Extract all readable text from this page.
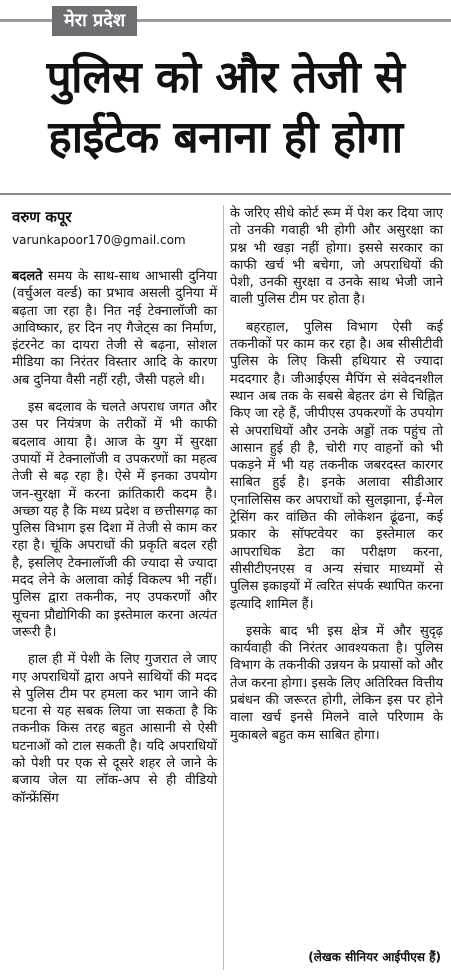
मेरा प्रदेश
पुलिस को और तेजी से
हाईटेक बनाना ही होगा
वरुण कपूर
varunkapoor170@gmail.com

बदलते समय के साथ-साथ आभासी दुनिया (वर्चुअल वर्ल्ड) का प्रभाव असली दुनिया में बढ़ता जा रहा है। नित नई टेक्नालॉजी का आविष्कार, हर दिन नए गैजेट्स का निर्माण, इंटरनेट का दायरा तेजी से बढ़ना, सोशल मीडिया का निरंतर विस्तार आदि के कारण अब दुनिया वैसी नहीं रही, जैसी पहले थी।

इस बदलाव के चलते अपराध जगत और उस पर नियंत्रण के तरीकों में भी काफी बदलाव आया है। आज के युग में सुरक्षा उपायों में टेक्नालॉजी व उपकरणों का महत्व तेजी से बढ़ रहा है। ऐसे में इनका उपयोग जन-सुरक्षा में करना क्रांतिकारी कदम है। अच्छा यह है कि मध्य प्रदेश व छत्तीसगढ़ का पुलिस विभाग इस दिशा में तेजी से काम कर रहा है। चूंकि अपराधों की प्रकृति बदल रही है, इसलिए टेक्नालॉजी की ज्यादा से ज्यादा मदद लेने के अलावा कोई विकल्प भी नहीं। पुलिस द्वारा तकनीक, नए उपकरणों और सूचना प्रौद्योगिकी का इस्तेमाल करना अत्यंत जरूरी है।

हाल ही में पेशी के लिए गुजरात ले जाए गए अपराधियों द्वारा अपने साथियों की मदद से पुलिस टीम पर हमला कर भाग जाने की घटना से यह सबक लिया जा सकता है कि तकनीक किस तरह बहुत आसानी से ऐसी घटनाओं को टाल सकती है। यदि अपराधियों को पेशी पर एक से दूसरे शहर ले जाने के बजाय जेल या लॉक-अप से ही वीडियो कॉन्फ्रेंसिंग

के जरिए सीधे कोर्ट रूम में पेश कर दिया जाए तो उनकी गवाही भी होगी और असुरक्षा का प्रश्न भी खड़ा नहीं होगा। इससे सरकार का काफी खर्च भी बचेगा, जो अपराधियों की पेशी, उनकी सुरक्षा व उनके साथ भेजी जाने वाली पुलिस टीम पर होता है।

बहरहाल, पुलिस विभाग ऐसी कई तकनीकों पर काम कर रहा है। अब सीसीटीवी पुलिस के लिए किसी हथियार से ज्यादा मददगार है। जीआईएस मैपिंग से संवेदनशील स्थान अब तक के सबसे बेहतर ढंग से चिह्नित किए जा रहे हैं, जीपीएस उपकरणों के उपयोग से अपराधियों और उनके अड्डों तक पहुंच तो आसान हुई ही है, चोरी गए वाहनों को भी पकड़ने में भी यह तकनीक जबरदस्त कारगर साबित हुई है। इनके अलावा सीडीआर एनालिसिस कर अपराधों को सुलझाना, ई-मेल ट्रेसिंग कर वांछित की लोकेशन ढूंढना, कई प्रकार के सॉफ्टवेयर का इस्तेमाल कर आपराधिक डेटा का परीक्षण करना, सीसीटीएनएस व अन्य संचार माध्यमों से पुलिस इकाइयों में त्वरित संपर्क स्थापित करना इत्यादि शामिल हैं।

इसके बाद भी इस क्षेत्र में और सुदृढ़ कार्यवाही की निरंतर आवश्यकता है। पुलिस विभाग के तकनीकी उन्नयन के प्रयासों को और तेज करना होगा। इसके लिए अतिरिक्त वित्तीय प्रबंधन की जरूरत होगी, लेकिन इस पर होने वाला खर्च इनसे मिलने वाले परिणाम के मुकाबले बहुत कम साबित होगा।

(लेखक सीनियर आईपीएस हैं)
